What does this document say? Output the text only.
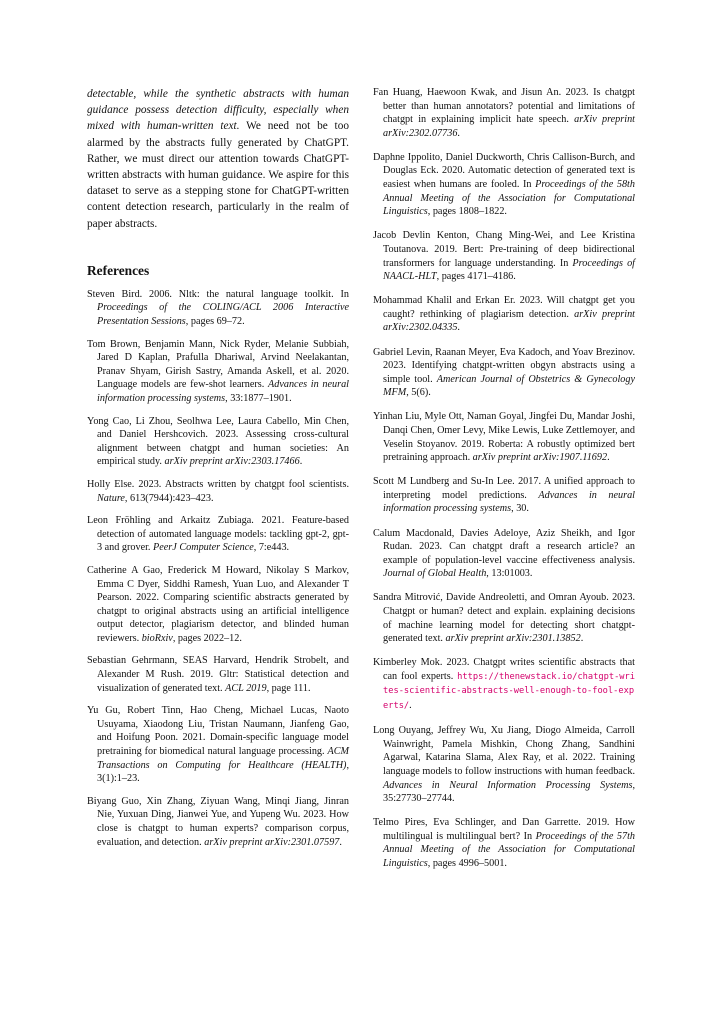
detectable, while the synthetic abstracts with human guidance possess detection difficulty, especially when mixed with human-written text. We need not be too alarmed by the abstracts fully generated by ChatGPT. Rather, we must direct our attention towards ChatGPT-written abstracts with human guidance. We aspire for this dataset to serve as a stepping stone for ChatGPT-written content detection research, particularly in the realm of paper abstracts.

References

Steven Bird. 2006. Nltk: the natural language toolkit. In Proceedings of the COLING/ACL 2006 Interactive Presentation Sessions, pages 69–72.

Tom Brown, Benjamin Mann, Nick Ryder, Melanie Subbiah, Jared D Kaplan, Prafulla Dhariwal, Arvind Neelakantan, Pranav Shyam, Girish Sastry, Amanda Askell, et al. 2020. Language models are few-shot learners. Advances in neural information processing systems, 33:1877–1901.

Yong Cao, Li Zhou, Seolhwa Lee, Laura Cabello, Min Chen, and Daniel Hershcovich. 2023. Assessing cross-cultural alignment between chatgpt and human societies: An empirical study. arXiv preprint arXiv:2303.17466.

Holly Else. 2023. Abstracts written by chatgpt fool scientists. Nature, 613(7944):423–423.

Leon Fröhling and Arkaitz Zubiaga. 2021. Feature-based detection of automated language models: tackling gpt-2, gpt-3 and grover. PeerJ Computer Science, 7:e443.

Catherine A Gao, Frederick M Howard, Nikolay S Markov, Emma C Dyer, Siddhi Ramesh, Yuan Luo, and Alexander T Pearson. 2022. Comparing scientific abstracts generated by chatgpt to original abstracts using an artificial intelligence output detector, plagiarism detector, and blinded human reviewers. bioRxiv, pages 2022–12.

Sebastian Gehrmann, SEAS Harvard, Hendrik Strobelt, and Alexander M Rush. 2019. Gltr: Statistical detection and visualization of generated text. ACL 2019, page 111.

Yu Gu, Robert Tinn, Hao Cheng, Michael Lucas, Naoto Usuyama, Xiaodong Liu, Tristan Naumann, Jianfeng Gao, and Hoifung Poon. 2021. Domain-specific language model pretraining for biomedical natural language processing. ACM Transactions on Computing for Healthcare (HEALTH), 3(1):1–23.

Biyang Guo, Xin Zhang, Ziyuan Wang, Minqi Jiang, Jinran Nie, Yuxuan Ding, Jianwei Yue, and Yupeng Wu. 2023. How close is chatgpt to human experts? comparison corpus, evaluation, and detection. arXiv preprint arXiv:2301.07597.

Fan Huang, Haewoon Kwak, and Jisun An. 2023. Is chatgpt better than human annotators? potential and limitations of chatgpt in explaining implicit hate speech. arXiv preprint arXiv:2302.07736.

Daphne Ippolito, Daniel Duckworth, Chris Callison-Burch, and Douglas Eck. 2020. Automatic detection of generated text is easiest when humans are fooled. In Proceedings of the 58th Annual Meeting of the Association for Computational Linguistics, pages 1808–1822.

Jacob Devlin Kenton, Chang Ming-Wei, and Lee Kristina Toutanova. 2019. Bert: Pre-training of deep bidirectional transformers for language understanding. In Proceedings of NAACL-HLT, pages 4171–4186.

Mohammad Khalil and Erkan Er. 2023. Will chatgpt get you caught? rethinking of plagiarism detection. arXiv preprint arXiv:2302.04335.

Gabriel Levin, Raanan Meyer, Eva Kadoch, and Yoav Brezinov. 2023. Identifying chatgpt-written obgyn abstracts using a simple tool. American Journal of Obstetrics & Gynecology MFM, 5(6).

Yinhan Liu, Myle Ott, Naman Goyal, Jingfei Du, Mandar Joshi, Danqi Chen, Omer Levy, Mike Lewis, Luke Zettlemoyer, and Veselin Stoyanov. 2019. Roberta: A robustly optimized bert pretraining approach. arXiv preprint arXiv:1907.11692.

Scott M Lundberg and Su-In Lee. 2017. A unified approach to interpreting model predictions. Advances in neural information processing systems, 30.

Calum Macdonald, Davies Adeloye, Aziz Sheikh, and Igor Rudan. 2023. Can chatgpt draft a research article? an example of population-level vaccine effectiveness analysis. Journal of Global Health, 13:01003.

Sandra Mitrović, Davide Andreoletti, and Omran Ayoub. 2023. Chatgpt or human? detect and explain. explaining decisions of machine learning model for detecting short chatgpt-generated text. arXiv preprint arXiv:2301.13852.

Kimberley Mok. 2023. Chatgpt writes scientific abstracts that can fool experts. https://thenewstack.io/chatgpt-writes-scientific-abstracts-well-enough-to-fool-experts/.

Long Ouyang, Jeffrey Wu, Xu Jiang, Diogo Almeida, Carroll Wainwright, Pamela Mishkin, Chong Zhang, Sandhini Agarwal, Katarina Slama, Alex Ray, et al. 2022. Training language models to follow instructions with human feedback. Advances in Neural Information Processing Systems, 35:27730–27744.

Telmo Pires, Eva Schlinger, and Dan Garrette. 2019. How multilingual is multilingual bert? In Proceedings of the 57th Annual Meeting of the Association for Computational Linguistics, pages 4996–5001.
